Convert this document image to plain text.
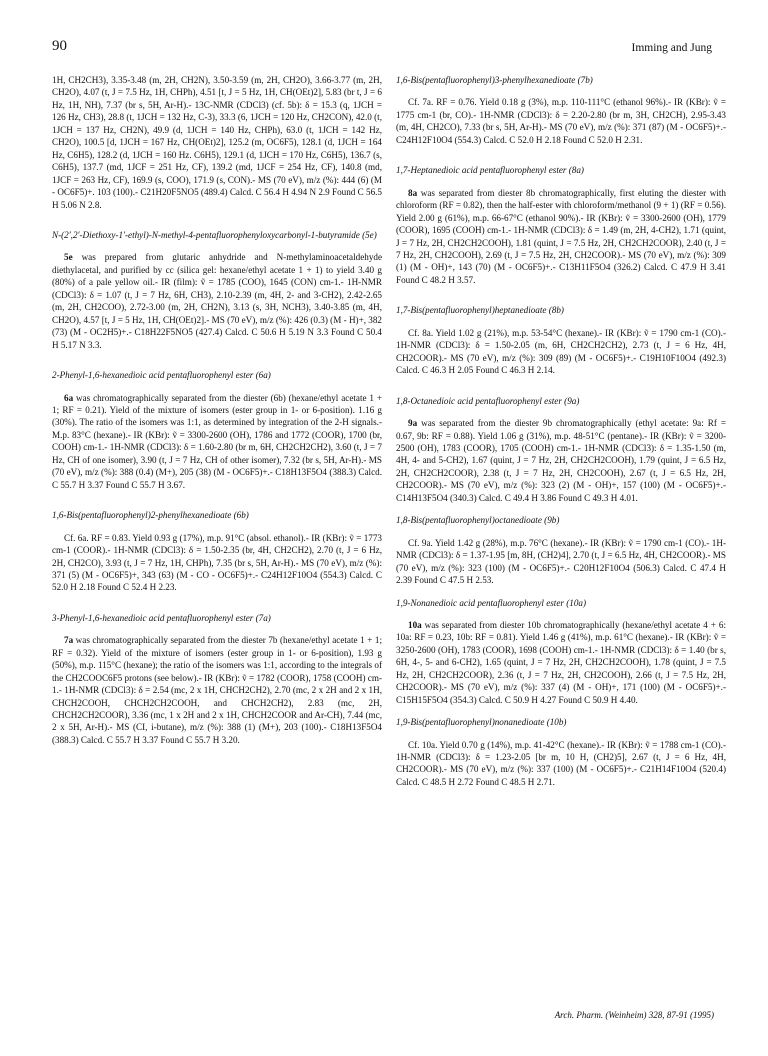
90	Imming and Jung

1H, CH2CH3), 3.35-3.48 (m, 2H, CH2N), 3.50-3.59 (m, 2H, CH2O), 3.66-3.77 (m, 2H, CH2O), 4.07 (t, J = 7.5 Hz, 1H, CHPh), 4.51 [t, J = 5 Hz, 1H, CH(OEt)2], 5.83 (br t, J = 6 Hz, 1H, NH), 7.37 (br s, 5H, Ar-H).- 13C-NMR (CDCl3) (cf. 5b): δ = 15.3 (q, 1JCH = 126 Hz, CH3), 28.8 (t, 1JCH = 132 Hz, C-3), 33.3 (6, 1JCH = 120 Hz, CH2CON), 42.0 (t, 1JCH = 137 Hz, CH2N), 49.9 (d, 1JCH = 140 Hz, CHPh), 63.0 (t, 1JCH = 142 Hz, CH2O), 100.5 [d, 1JCH = 167 Hz, CH(OEt)2], 125.2 (m, OC6F5), 128.1 (d, 1JCH = 164 Hz, C6H5), 128.2 (d, 1JCH = 160 Hz. C6H5), 129.1 (d, 1JCH = 170 Hz, C6H5), 136.7 (s, C6H5), 137.7 (md, 1JCF = 251 Hz, CF), 139.2 (md, 1JCF = 254 Hz, CF), 140.8 (md, 1JCF = 263 Hz, CF), 169.9 (s, COO), 171.9 (s, CON).- MS (70 eV), m/z (%): 444 (6) (M - OC6F5)+. 103 (100).- C21H20F5NO5 (489.4) Calcd. C 56.4 H 4.94 N 2.9 Found C 56.5 H 5.06 N 2.8.

N-(2',2'-Diethoxy-1'-ethyl)-N-methyl-4-pentafluorophenyloxycarbonyl-1-butyramide (5e)

5e was prepared from glutaric anhydride and N-methylaminoacetaldehyde diethylacetal, and purified by cc (silica gel: hexane/ethyl acetate 1 + 1) to yield 3.40 g (80%) of a pale yellow oil.- IR (film): ṽ = 1785 (COO), 1645 (CON) cm-1.- 1H-NMR (CDCl3): δ = 1.07 (t, J = 7 Hz, 6H, CH3), 2.10-2.39 (m, 4H, 2- and 3-CH2), 2.42-2.65 (m, 2H, CH2COO), 2.72-3.00 (m, 2H, CH2N), 3.13 (s, 3H, NCH3), 3.40-3.85 (m, 4H, CH2O), 4.57 [t, J = 5 Hz, 1H, CH(OEt)2].- MS (70 eV), m/z (%): 426 (0.3) (M - H)+, 382 (73) (M - OC2H5)+.- C18H22F5NO5 (427.4) Calcd. C 50.6 H 5.19 N 3.3 Found C 50.4 H 5.17 N 3.3.

2-Phenyl-1,6-hexanedioic acid pentafluorophenyl ester (6a)

6a was chromatographically separated from the diester (6b) (hexane/ethyl acetate 1 + 1; RF = 0.21). Yield of the mixture of isomers (ester group in 1- or 6-position). 1.16 g (30%). The ratio of the isomers was 1:1, as determined by integration of the 2-H signals.- M.p. 83°C (hexane).- IR (KBr): ṽ = 3300-2600 (OH), 1786 and 1772 (COOR), 1700 (br, COOH) cm-1.- 1H-NMR (CDCl3): δ = 1.60-2.80 (br m, 6H, CH2CH2CH2), 3.60 (t, J = 7 Hz, CH of one isomer), 3.90 (t, J = 7 Hz, CH of other isomer), 7.32 (br s, 5H, Ar-H).- MS (70 eV), m/z (%): 388 (0.4) (M+), 205 (38) (M - OC6F5)+.- C18H13F5O4 (388.3) Calcd. C 55.7 H 3.37 Found C 55.7 H 3.67.

1,6-Bis(pentafluorophenyl)2-phenylhexanedioate (6b)

Cf. 6a. RF = 0.83. Yield 0.93 g (17%), m.p. 91°C (absol. ethanol).- IR (KBr): ṽ = 1773 cm-1 (COOR).- 1H-NMR (CDCl3): δ = 1.50-2.35 (br, 4H, CH2CH2), 2.70 (t, J = 6 Hz, 2H, CH2CO), 3.93 (t, J = 7 Hz, 1H, CHPh), 7.35 (br s, 5H, Ar-H).- MS (70 eV), m/z (%): 371 (5) (M - OC6F5)+, 343 (63) (M - CO - OC6F5)+.- C24H12F10O4 (554.3) Calcd. C 52.0 H 2.18 Found C 52.4 H 2.23.

3-Phenyl-1,6-hexanedioic acid pentafluorophenyl ester (7a)

7a was chromatographically separated from the diester 7b (hexane/ethyl acetate 1 + 1; RF = 0.32). Yield of the mixture of isomers (ester group in 1- or 6-position), 1.93 g (50%), m.p. 115°C (hexane); the ratio of the isomers was 1:1, according to the integrals of the CH2COOC6F5 protons (see below).- IR (KBr): ṽ = 1782 (COOR), 1758 (COOH) cm-1.- 1H-NMR (CDCl3): δ = 2.54 (mc, 2 x 1H, CHCH2CH2), 2.70 (mc, 2 x 2H and 2 x 1H, CHCH2COOH, CHCH2CH2COOH, and CHCH2CH2), 2.83 (mc, 2H, CHCH2CH2COOR), 3.36 (mc, 1 x 2H and 2 x 1H, CHCH2COOR and Ar-CH), 7.44 (mc, 2 x 5H, Ar-H).- MS (CI, i-butane), m/z (%): 388 (1) (M+), 203 (100).- C18H13F5O4 (388.3) Calcd. C 55.7 H 3.37 Found C 55.7 H 3.20.

1,6-Bis(pentafluorophenyl)3-phenylhexanedioate (7b)

Cf. 7a. RF = 0.76. Yield 0.18 g (3%), m.p. 110-111°C (ethanol 96%).- IR (KBr): ṽ = 1775 cm-1 (br, CO).- 1H-NMR (CDCl3): δ = 2.20-2.80 (br m, 3H, CH2CH), 2.95-3.43 (m, 4H, CH2CO), 7.33 (br s, 5H, Ar-H).- MS (70 eV), m/z (%): 371 (87) (M - OC6F5)+.- C24H12F10O4 (554.3) Calcd. C 52.0 H 2.18 Found C 52.0 H 2.31.

1,7-Heptanedioic acid pentafluorophenyl ester (8a)

8a was separated from diester 8b chromatographically, first eluting the diester with chloroform (RF = 0.82), then the half-ester with chloroform/methanol (9 + 1) (RF = 0.56). Yield 2.00 g (61%), m.p. 66-67°C (ethanol 90%).- IR (KBr): ṽ = 3300-2600 (OH), 1779 (COOR), 1695 (COOH) cm-1.- 1H-NMR (CDCl3): δ = 1.49 (m, 2H, 4-CH2), 1.71 (quint, J = 7 Hz, 2H, CH2CH2COOH), 1.81 (quint, J = 7.5 Hz, 2H, CH2CH2COOR), 2.40 (t, J = 7 Hz, 2H, CH2COOH), 2.69 (t, J = 7.5 Hz, 2H, CH2COOR).- MS (70 eV), m/z (%): 309 (1) (M - OH)+, 143 (70) (M - OC6F5)+.- C13H11F5O4 (326.2) Calcd. C 47.9 H 3.41 Found C 48.2 H 3.57.

1,7-Bis(pentafluorophenyl)heptanedioate (8b)

Cf. 8a. Yield 1.02 g (21%), m.p. 53-54°C (hexane).- IR (KBr): ṽ = 1790 cm-1 (CO).- 1H-NMR (CDCl3): δ = 1.50-2.05 (m, 6H, CH2CH2CH2), 2.73 (t, J = 6 Hz, 4H, CH2COOR).- MS (70 eV), m/z (%): 309 (89) (M - OC6F5)+.- C19H10F10O4 (492.3) Calcd. C 46.3 H 2.05 Found C 46.3 H 2.14.

1,8-Octanedioic acid pentafluorophenyl ester (9a)

9a was separated from the diester 9b chromatographically (ethyl acetate: 9a: Rf = 0.67, 9b: RF = 0.88). Yield 1.06 g (31%), m.p. 48-51°C (pentane).- IR (KBr): ṽ = 3200-2500 (OH), 1783 (COOR), 1705 (COOH) cm-1.- 1H-NMR (CDCl3): δ = 1.35-1.50 (m, 4H, 4- and 5-CH2), 1.67 (quint, J = 7 Hz, 2H, CH2CH2COOH), 1.79 (quint, J = 6.5 Hz, 2H, CH2CH2COOR), 2.38 (t, J = 7 Hz, 2H, CH2COOH), 2.67 (t, J = 6.5 Hz, 2H, CH2COOR).- MS (70 eV), m/z (%): 323 (2) (M - OH)+, 157 (100) (M - OC6F5)+.- C14H13F5O4 (340.3) Calcd. C 49.4 H 3.86 Found C 49.3 H 4.01.

1,8-Bis(pentafluorophenyl)octanedioate (9b)

Cf. 9a. Yield 1.42 g (28%), m.p. 76°C (hexane).- IR (KBr): ṽ = 1790 cm-1 (CO).- 1H-NMR (CDCl3): δ = 1.37-1.95 [m, 8H, (CH2)4], 2.70 (t, J = 6.5 Hz, 4H, CH2COOR).- MS (70 eV), m/z (%): 323 (100) (M - OC6F5)+.- C20H12F10O4 (506.3) Calcd. C 47.4 H 2.39 Found C 47.5 H 2.53.

1,9-Nonanedioic acid pentafluorophenyl ester (10a)

10a was separated from diester 10b chromatographically (hexane/ethyl acetate 4 + 6: 10a: RF = 0.23, 10b: RF = 0.81). Yield 1.46 g (41%), m.p. 61°C (hexane).- IR (KBr): ṽ = 3250-2600 (OH), 1783 (COOR), 1698 (COOH) cm-1.- 1H-NMR (CDCl3): δ = 1.40 (br s, 6H, 4-, 5- and 6-CH2), 1.65 (quint, J = 7 Hz, 2H, CH2CH2COOH), 1.78 (quint, J = 7.5 Hz, 2H, CH2CH2COOR), 2.36 (t, J = 7 Hz, 2H, CH2COOH), 2.66 (t, J = 7.5 Hz, 2H, CH2COOR).- MS (70 eV), m/z (%): 337 (4) (M - OH)+, 171 (100) (M - OC6F5)+.- C15H15F5O4 (354.3) Calcd. C 50.9 H 4.27 Found C 50.9 H 4.40.

1,9-Bis(pentafluorophenyl)nonanedioate (10b)

Cf. 10a. Yield 0.70 g (14%), m.p. 41-42°C (hexane).- IR (KBr): ṽ = 1788 cm-1 (CO).- 1H-NMR (CDCl3): δ = 1.23-2.05 [br m, 10 H, (CH2)5], 2.67 (t, J = 6 Hz, 4H, CH2COOR).- MS (70 eV), m/z (%): 337 (100) (M - OC6F5)+.- C21H14F10O4 (520.4) Calcd. C 48.5 H 2.72 Found C 48.5 H 2.71.

Arch. Pharm. (Weinheim) 328, 87-91 (1995)
